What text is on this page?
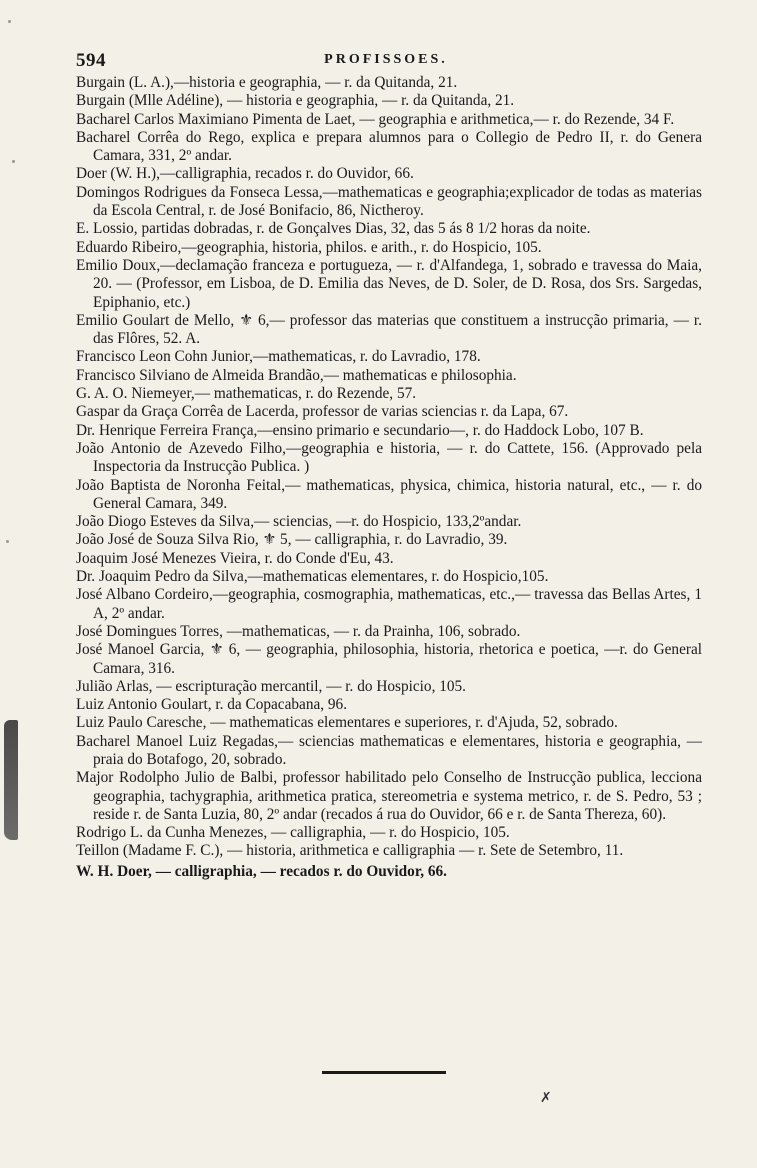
594	PROFISSOES.

Burgain (L. A.),—historia e geographia, — r. da Quitanda, 21.

Burgain (Mlle Adéline), — historia e geographia, — r. da Quitanda, 21.

Bacharel Carlos Maximiano Pimenta de Laet, — geographia e arithmetica,— r. do Rezende, 34 F.

Bacharel Corrêa do Rego, explica e prepara alumnos para o Collegio de Pedro II, r. do Genera Camara, 331, 2º andar.

Doer (W. H.),—calligraphia, recados r. do Ouvidor, 66.

Domingos Rodrigues da Fonseca Lessa,—mathematicas e geographia;explicador de todas as materias da Escola Central, r. de José Bonifacio, 86, Nictheroy.

E. Lossio, partidas dobradas, r. de Gonçalves Dias, 32, das 5 ás 8 1/2 horas da noite.

Eduardo Ribeiro,—geographia, historia, philos. e arith., r. do Hospicio, 105.

Emilio Doux,—declamação franceza e portugueza, — r. d'Alfandega, 1, sobrado e travessa do Maia, 20. — (Professor, em Lisboa, de D. Emilia das Neves, de D. Soler, de D. Rosa, dos Srs. Sargedas, Epiphanio, etc.)

Emilio Goulart de Mello, ⚜ 6,— professor das materias que constituem a instrucção primaria, — r. das Flôres, 52. A.

Francisco Leon Cohn Junior,—mathematicas, r. do Lavradio, 178.

Francisco Silviano de Almeida Brandão,— mathematicas e philosophia.

G. A. O. Niemeyer,— mathematicas, r. do Rezende, 57.

Gaspar da Graça Corrêa de Lacerda, professor de varias sciencias r. da Lapa, 67.

Dr. Henrique Ferreira França,—ensino primario e secundario—, r. do Haddock Lobo, 107 B.

João Antonio de Azevedo Filho,—geographia e historia, — r. do Cattete, 156. (Approvado pela Inspectoria da Instrucção Publica. )

João Baptista de Noronha Feital,— mathematicas, physica, chimica, historia natural, etc., — r. do General Camara, 349.

João Diogo Esteves da Silva,— sciencias, —r. do Hospicio, 133,2ºandar.

João José de Souza Silva Rio, ⚜ 5, — calligraphia, r. do Lavradio, 39.

Joaquim José Menezes Vieira, r. do Conde d'Eu, 43.

Dr. Joaquim Pedro da Silva,—mathematicas elementares, r. do Hospicio,105.

José Albano Cordeiro,—geographia, cosmographia, mathematicas, etc.,— travessa das Bellas Artes, 1 A, 2º andar.

José Domingues Torres, —mathematicas, — r. da Prainha, 106, sobrado.

José Manoel Garcia, ⚜ 6, — geographia, philosophia, historia, rhetorica e poetica, —r. do General Camara, 316.

Julião Arlas, — escripturação mercantil, — r. do Hospicio, 105.

Luiz Antonio Goulart, r. da Copacabana, 96.

Luiz Paulo Caresche, — mathematicas elementares e superiores, r. d'Ajuda, 52, sobrado.

Bacharel Manoel Luiz Regadas,— sciencias mathematicas e elementares, historia e geographia, — praia do Botafogo, 20, sobrado.

Major Rodolpho Julio de Balbi, professor habilitado pelo Conselho de Instrucção publica, lecciona geographia, tachygraphia, arithmetica pratica, stereometria e systema metrico, r. de S. Pedro, 53 ; reside r. de Santa Luzia, 80, 2º andar (recados á rua do Ouvidor, 66 e r. de Santa Thereza, 60).

Rodrigo L. da Cunha Menezes, — calligraphia, — r. do Hospicio, 105.

Teillon (Madame F. C.), — historia, arithmetica e calligraphia — r. Sete de Setembro, 11.

W. H. Doer, — calligraphia, — recados r. do Ouvidor, 66.

✗
